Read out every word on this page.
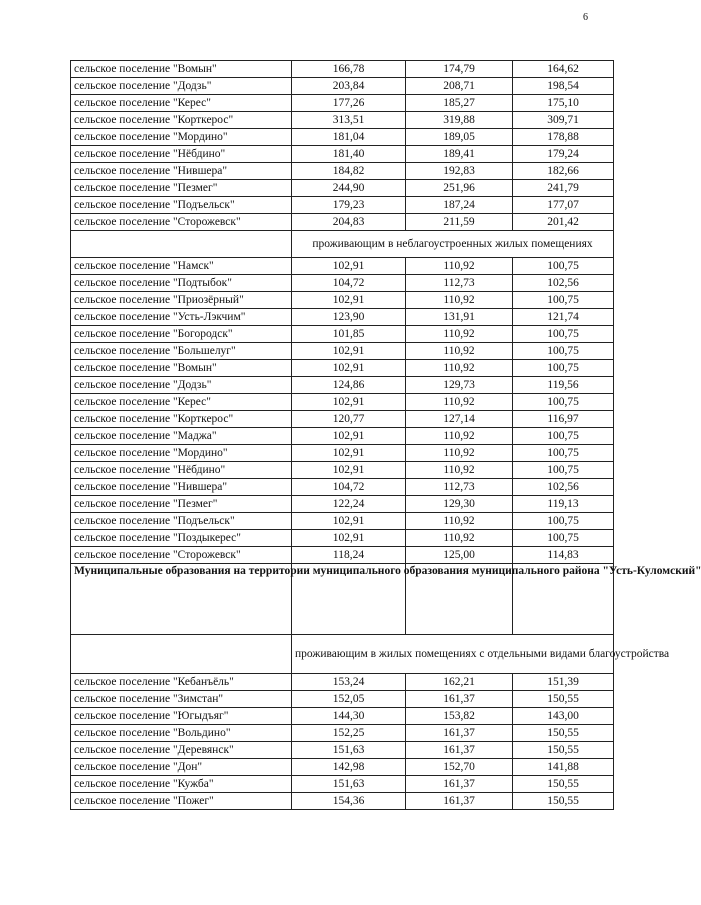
6
сельское поселение "Вомын"	166,78	174,79	164,62
сельское поселение "Додзь"	203,84	208,71	198,54
сельское поселение "Керес"	177,26	185,27	175,10
сельское поселение "Корткерос"	313,51	319,88	309,71
сельское поселение "Мордино"	181,04	189,05	178,88
сельское поселение "Нёбдино"	181,40	189,41	179,24
сельское поселение "Нившера"	184,82	192,83	182,66
сельское поселение "Пезмег"	244,90	251,96	241,79
сельское поселение "Подъельск"	179,23	187,24	177,07
сельское поселение "Сторожевск"	204,83	211,59	201,42
	проживающим в неблагоустроенных жилых помещениях		
сельское поселение "Намск"	102,91	110,92	100,75
сельское поселение "Подтыбок"	104,72	112,73	102,56
сельское поселение "Приозёрный"	102,91	110,92	100,75
сельское поселение "Усть-Лэкчим"	123,90	131,91	121,74
сельское поселение "Богородск"	101,85	110,92	100,75
сельское поселение "Большелуг"	102,91	110,92	100,75
сельское поселение "Вомын"	102,91	110,92	100,75
сельское поселение "Додзь"	124,86	129,73	119,56
сельское поселение "Керес"	102,91	110,92	100,75
сельское поселение "Корткерос"	120,77	127,14	116,97
сельское поселение "Маджа"	102,91	110,92	100,75
сельское поселение "Мордино"	102,91	110,92	100,75
сельское поселение "Нёбдино"	102,91	110,92	100,75
сельское поселение "Нившера"	104,72	112,73	102,56
сельское поселение "Пезмег"	122,24	129,30	119,13
сельское поселение "Подъельск"	102,91	110,92	100,75
сельское поселение "Поздыкерес"	102,91	110,92	100,75
сельское поселение "Сторожевск"	118,24	125,00	114,83
Муниципальные образования на территории муниципального образования муниципального района "Усть-Куломский"			
	проживающим в жилых помещениях с отдельными видами благоустройства		
сельское поселение "Кебанъёль"	153,24	162,21	151,39
сельское поселение "Зимстан"	152,05	161,37	150,55
сельское поселение "Югыдъяг"	144,30	153,82	143,00
сельское поселение "Вольдино"	152,25	161,37	150,55
сельское поселение "Деревянск"	151,63	161,37	150,55
сельское поселение "Дон"	142,98	152,70	141,88
сельское поселение "Кужба"	151,63	161,37	150,55
сельское поселение "Пожег"	154,36	161,37	150,55
